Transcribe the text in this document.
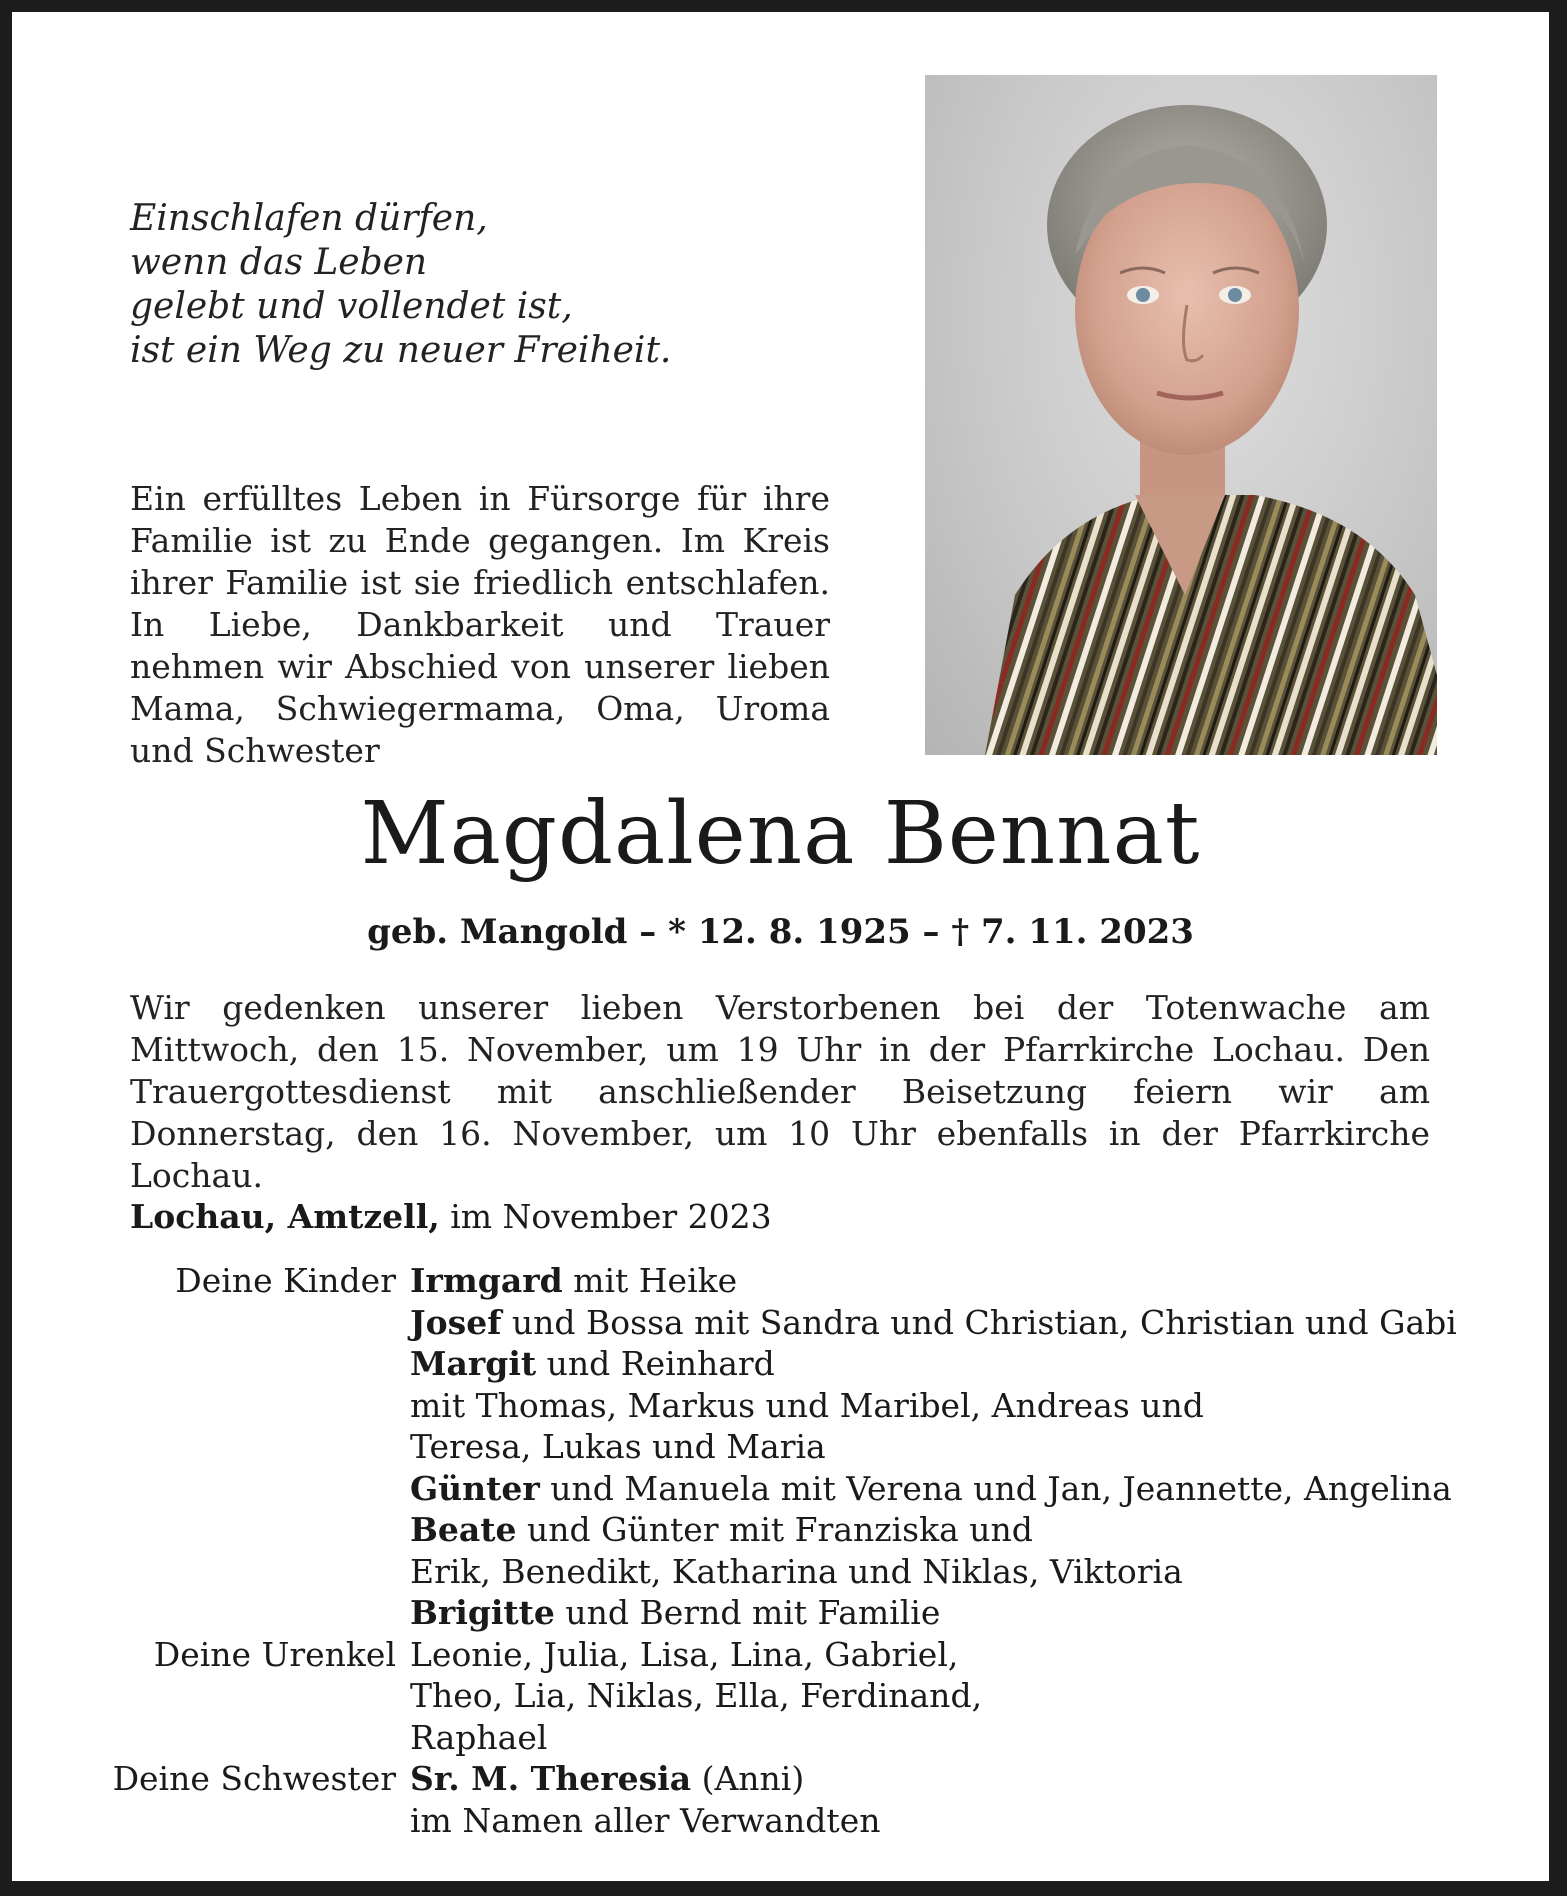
Einschlafen dürfen,
wenn das Leben
gelebt und vollendet ist,
ist ein Weg zu neuer Freiheit.

Ein erfülltes Leben in Fürsorge für ihre Familie ist zu Ende gegangen. Im Kreis ihrer Familie ist sie friedlich entschlafen. In Liebe, Dankbarkeit und Trauer nehmen wir Abschied von unserer lieben Mama, Schwiegermama, Oma, Uroma und Schwester

Magdalena Bennat

geb. Mangold – * 12. 8. 1925 – † 7. 11. 2023

Wir gedenken unserer lieben Verstorbenen bei der Totenwache am Mittwoch, den 15. November, um 19 Uhr in der Pfarrkirche Lochau. Den Trauergottesdienst mit anschließender Beisetzung feiern wir am Donnerstag, den 16. November, um 10 Uhr ebenfalls in der Pfarrkirche Lochau.

Lochau, Amtzell, im November 2023

Deine Kinder Irmgard mit Heike
Josef und Bossa mit Sandra und Christian, Christian und Gabi
Margit und Reinhard
mit Thomas, Markus und Maribel, Andreas und
Teresa, Lukas und Maria
Günter und Manuela mit Verena und Jan, Jeannette, Angelina
Beate und Günter mit Franziska und
Erik, Benedikt, Katharina und Niklas, Viktoria
Brigitte und Bernd mit Familie
Deine Urenkel Leonie, Julia, Lisa, Lina, Gabriel,
Theo, Lia, Niklas, Ella, Ferdinand,
Raphael
Deine Schwester Sr. M. Theresia (Anni)
im Namen aller Verwandten
